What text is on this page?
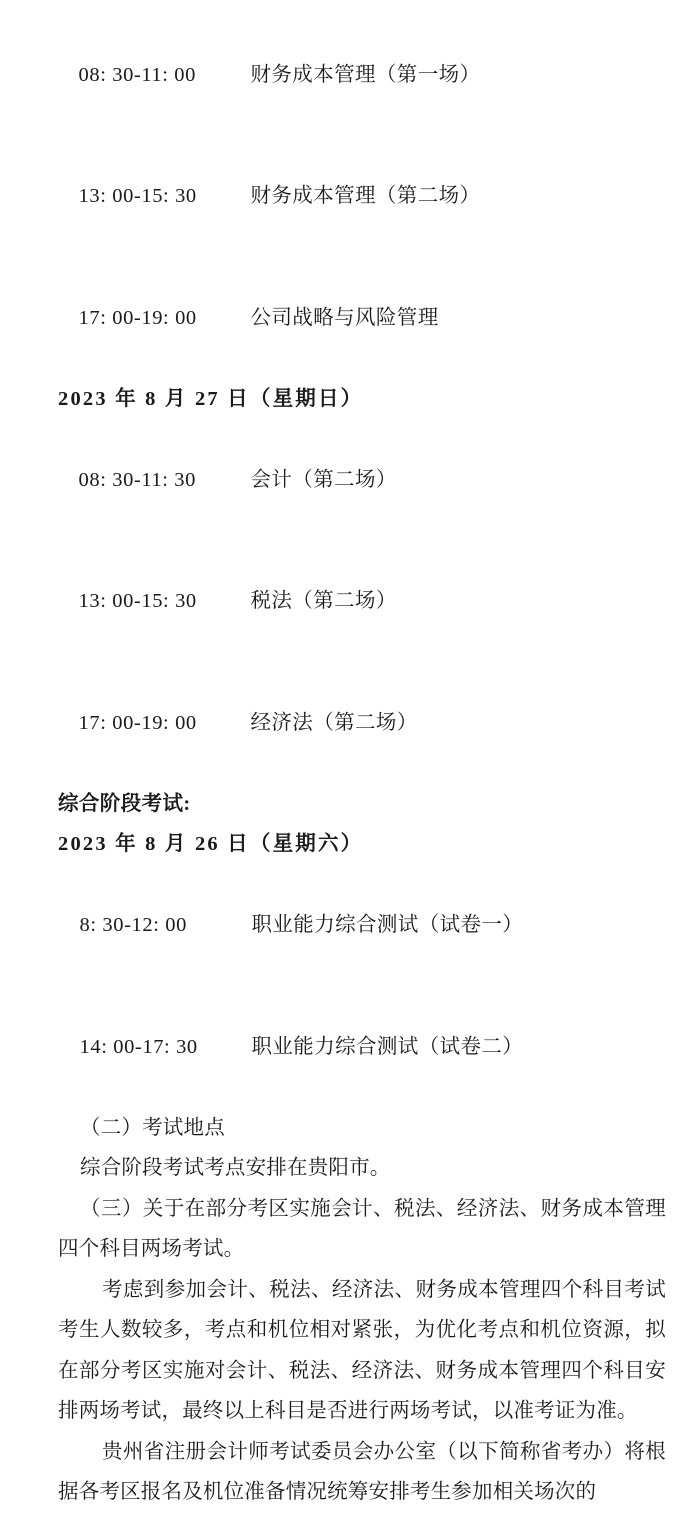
08: 30-11: 00	财务成本管理（第一场）

13: 00-15: 30	财务成本管理（第二场）

17: 00-19: 00	公司战略与风险管理

2023 年 8 月 27 日（星期日）

08: 30-11: 30	会计（第二场）

13: 00-15: 30	税法（第二场）

17: 00-19: 00	经济法（第二场）

综合阶段考试:
2023 年 8 月 26 日（星期六）

8: 30-12: 00	职业能力综合测试（试卷一）

14: 00-17: 30	职业能力综合测试（试卷二）

（二）考试地点

综合阶段考试考点安排在贵阳市。

（三）关于在部分考区实施会计、税法、经济法、财务成本管理四个科目两场考试。

考虑到参加会计、税法、经济法、财务成本管理四个科目考试考生人数较多，考点和机位相对紧张，为优化考点和机位资源，拟在部分考区实施对会计、税法、经济法、财务成本管理四个科目安排两场考试，最终以上科目是否进行两场考试，以准考证为准。

贵州省注册会计师考试委员会办公室（以下简称省考办）将根据各考区报名及机位准备情况统筹安排考生参加相关场次的
